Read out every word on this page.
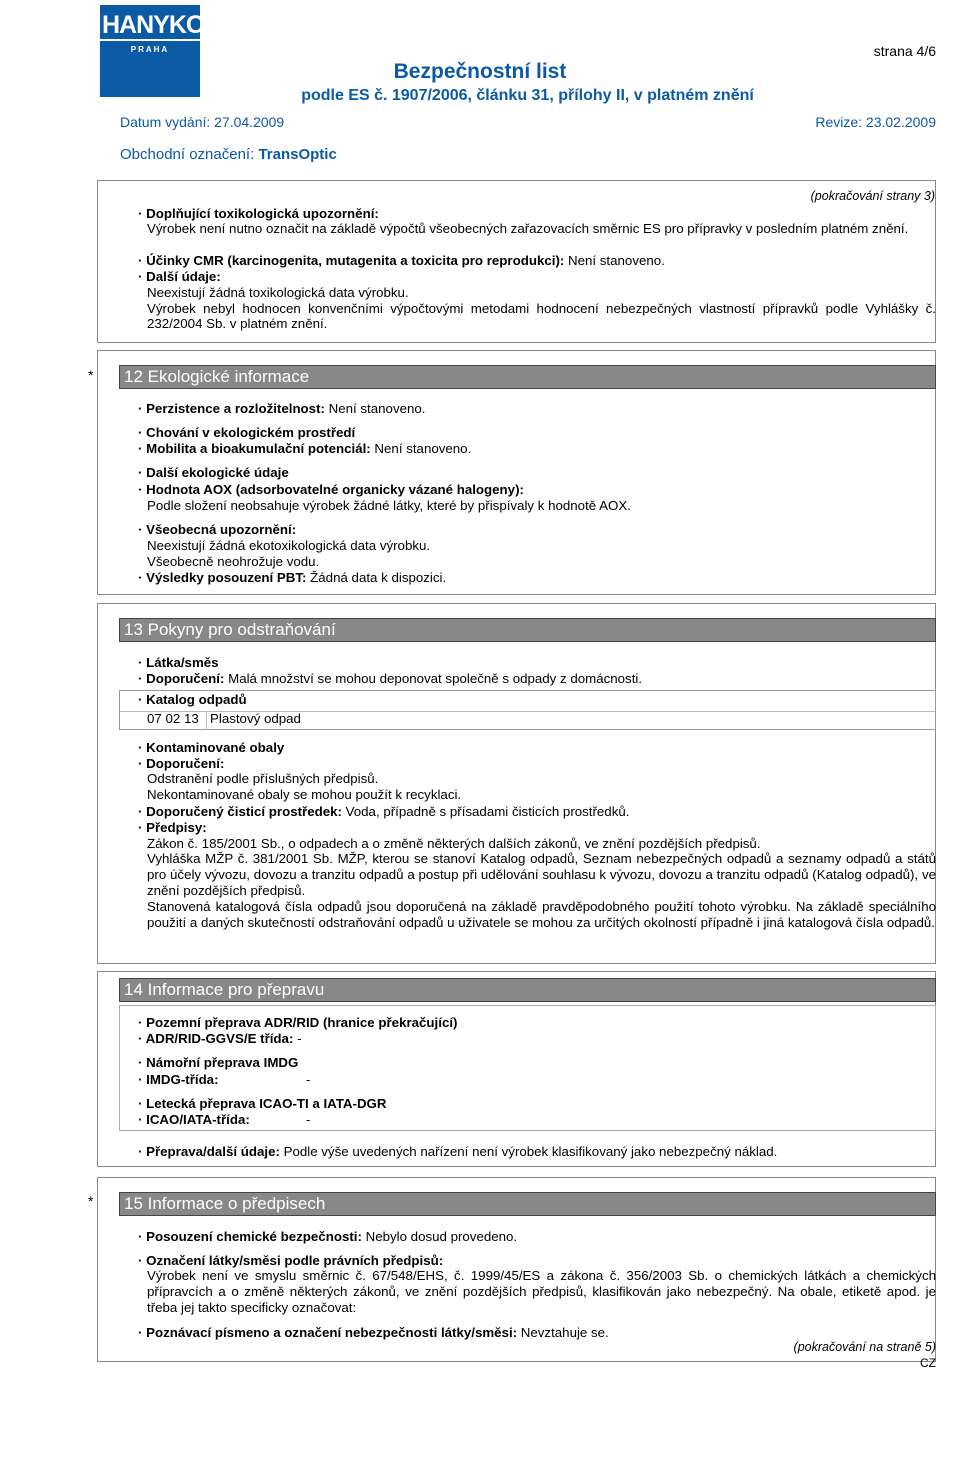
HANYKO
PRAHA	strana 4/6
Bezpečnostní list
podle ES č. 1907/2006, článku 31, přílohy II, v platném znění
Datum vydání: 27.04.2009	Revize: 23.02.2009
Obchodní označení: TransOptic
(pokračování strany 3)
· Doplňující toxikologická upozornění:
Výrobek není nutno označit na základě výpočtů všeobecných zařazovacích směrnic ES pro přípravky v posledním platném znění.
· Účinky CMR (karcinogenita, mutagenita a toxicita pro reprodukci): Není stanoveno.
· Další údaje:
Neexistují žádná toxikologická data výrobku.
Výrobek nebyl hodnocen konvenčními výpočtovými metodami hodnocení nebezpečných vlastností přípravků podle Vyhlášky č. 232/2004 Sb. v platném znění.
* 12 Ekologické informace
· Perzistence a rozložitelnost: Není stanoveno.
· Chování v ekologickém prostředí
· Mobilita a bioakumulační potenciál: Není stanoveno.
· Další ekologické údaje
· Hodnota AOX (adsorbovatelné organicky vázané halogeny):
Podle složení neobsahuje výrobek žádné látky, které by přispívaly k hodnotě AOX.
· Všeobecná upozornění:
Neexistují žádná ekotoxikologická data výrobku.
Všeobecně neohrožuje vodu.
· Výsledky posouzení PBT: Žádná data k dispozici.
13 Pokyny pro odstraňování
· Látka/směs
· Doporučení: Malá množství se mohou deponovat společně s odpady z domácnosti.
· Katalog odpadů
07 02 13 Plastový odpad
· Kontaminované obaly
· Doporučení:
Odstranění podle příslušných předpisů.
Nekontaminované obaly se mohou použít k recyklaci.
· Doporučený čisticí prostředek: Voda, případně s přísadami čisticích prostředků.
· Předpisy:
Zákon č. 185/2001 Sb., o odpadech a o změně některých dalších zákonů, ve znění pozdějších předpisů.
Vyhláška MŽP č. 381/2001 Sb. MŽP, kterou se stanoví Katalog odpadů, Seznam nebezpečných odpadů a seznamy odpadů a států pro účely vývozu, dovozu a tranzitu odpadů a postup při udělování souhlasu k vývozu, dovozu a tranzitu odpadů (Katalog odpadů), ve znění pozdějších předpisů.
Stanovená katalogová čísla odpadů jsou doporučená na základě pravděpodobného použití tohoto výrobku. Na základě speciálního použití a daných skutečností odstraňování odpadů u uživatele se mohou za určitých okolností případně i jiná katalogová čísla odpadů.
14 Informace pro přepravu
· Pozemní přeprava ADR/RID (hranice překračující)
· ADR/RID-GGVS/E třída: -
· Námořní přeprava IMDG
· IMDG-třída:	-
· Letecká přeprava ICAO-TI a IATA-DGR
· ICAO/IATA-třída:	-
· Přeprava/další údaje: Podle výše uvedených nařízení není výrobek klasifikovaný jako nebezpečný náklad.
* 15 Informace o předpisech
· Posouzení chemické bezpečnosti: Nebylo dosud provedeno.
· Označení látky/směsi podle právních předpisů:
Výrobek není ve smyslu směrnic č. 67/548/EHS, č. 1999/45/ES a zákona č. 356/2003 Sb. o chemických látkách a chemických přípravcích a o změně některých zákonů, ve znění pozdějších předpisů, klasifikován jako nebezpečný. Na obale, etiketě apod. je třeba jej takto specificky označovat:
· Poznávací písmeno a označení nebezpečnosti látky/směsi: Nevztahuje se.
(pokračování na straně 5)
CZ
